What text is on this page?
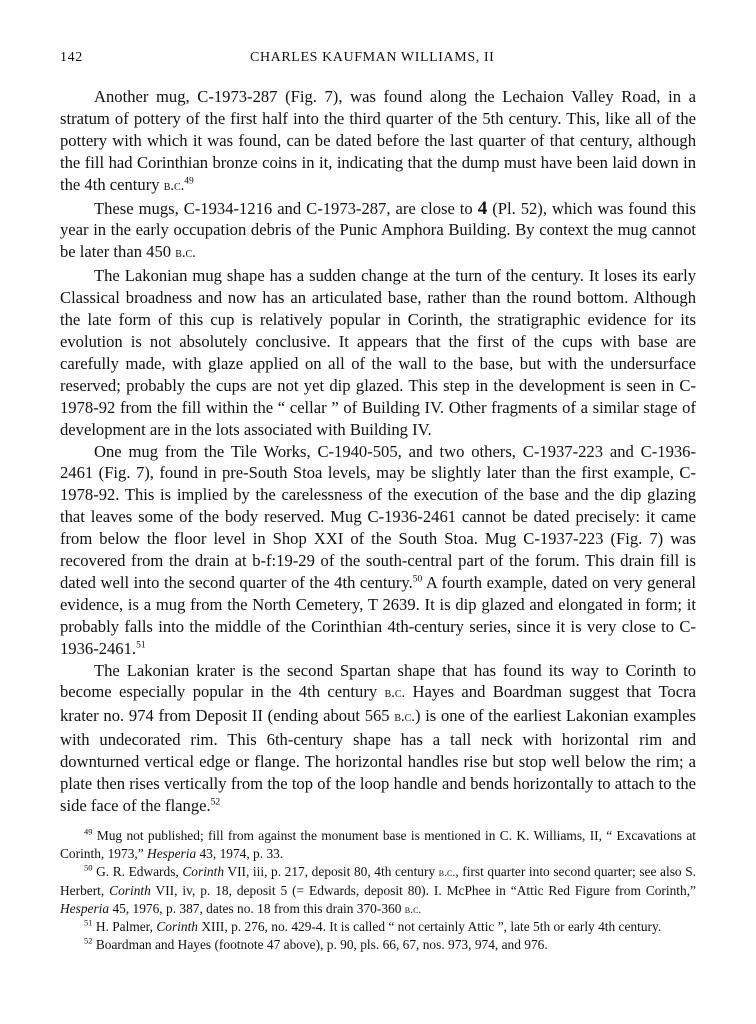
142	CHARLES KAUFMAN WILLIAMS, II

Another mug, C-1973-287 (Fig. 7), was found along the Lechaion Valley Road, in a stratum of pottery of the first half into the third quarter of the 5th century. This, like all of the pottery with which it was found, can be dated before the last quarter of that century, although the fill had Corinthian bronze coins in it, indicating that the dump must have been laid down in the 4th century b.c.$^{49}$

These mugs, C-1934-1216 and C-1973-287, are close to 4 (Pl. 52), which was found this year in the early occupation debris of the Punic Amphora Building. By context the mug cannot be later than 450 b.c.

The Lakonian mug shape has a sudden change at the turn of the century. It loses its early Classical broadness and now has an articulated base, rather than the round bottom. Although the late form of this cup is relatively popular in Corinth, the stratigraphic evidence for its evolution is not absolutely conclusive. It appears that the first of the cups with base are carefully made, with glaze applied on all of the wall to the base, but with the undersurface reserved; probably the cups are not yet dip glazed. This step in the development is seen in C-1978-92 from the fill within the “ cellar ” of Building IV. Other fragments of a similar stage of development are in the lots associated with Building IV.

One mug from the Tile Works, C-1940-505, and two others, C-1937-223 and C-1936-2461 (Fig. 7), found in pre-South Stoa levels, may be slightly later than the first example, C-1978-92. This is implied by the carelessness of the execution of the base and the dip glazing that leaves some of the body reserved. Mug C-1936-2461 cannot be dated precisely: it came from below the floor level in Shop XXI of the South Stoa. Mug C-1937-223 (Fig. 7) was recovered from the drain at b-f:19-29 of the south-central part of the forum. This drain fill is dated well into the second quarter of the 4th century.$^{50}$ A fourth example, dated on very general evidence, is a mug from the North Cemetery, T 2639. It is dip glazed and elongated in form; it probably falls into the middle of the Corinthian 4th-century series, since it is very close to C-1936-2461.51

The Lakonian krater is the second Spartan shape that has found its way to Corinth to become especially popular in the 4th century b.c. Hayes and Boardman suggest that Tocra krater no. 974 from Deposit II (ending about 565 b.c.) is one of the earliest Lakonian examples with undecorated rim. This 6th-century shape has a tall neck with horizontal rim and downturned vertical edge or flange. The horizontal handles rise but stop well below the rim; a plate then rises vertically from the top of the loop handle and bends horizontally to attach to the side face of the flange.$^{52}$

$^{49}$ Mug not published; fill from against the monument base is mentioned in C. K. Williams, II, “ Excavations at Corinth, 1973,” Hesperia 43, 1974, p. 33.

$^{50}$ G. R. Edwards, Corinth VII, iii, p. 217, deposit 80, 4th century b.c., first quarter into second quarter; see also S. Herbert, Corinth VII, iv, p. 18, deposit 5 (= Edwards, deposit 80). I. McPhee in “Attic Red Figure from Corinth,” Hesperia 45, 1976, p. 387, dates no. 18 from this drain 370-360 b.c.

$^{51}$ H. Palmer, Corinth XIII, p. 276, no. 429-4. It is called “ not certainly Attic ”, late 5th or early 4th century.

$^{52}$ Boardman and Hayes (footnote 47 above), p. 90, pls. 66, 67, nos. 973, 974, and 976.
